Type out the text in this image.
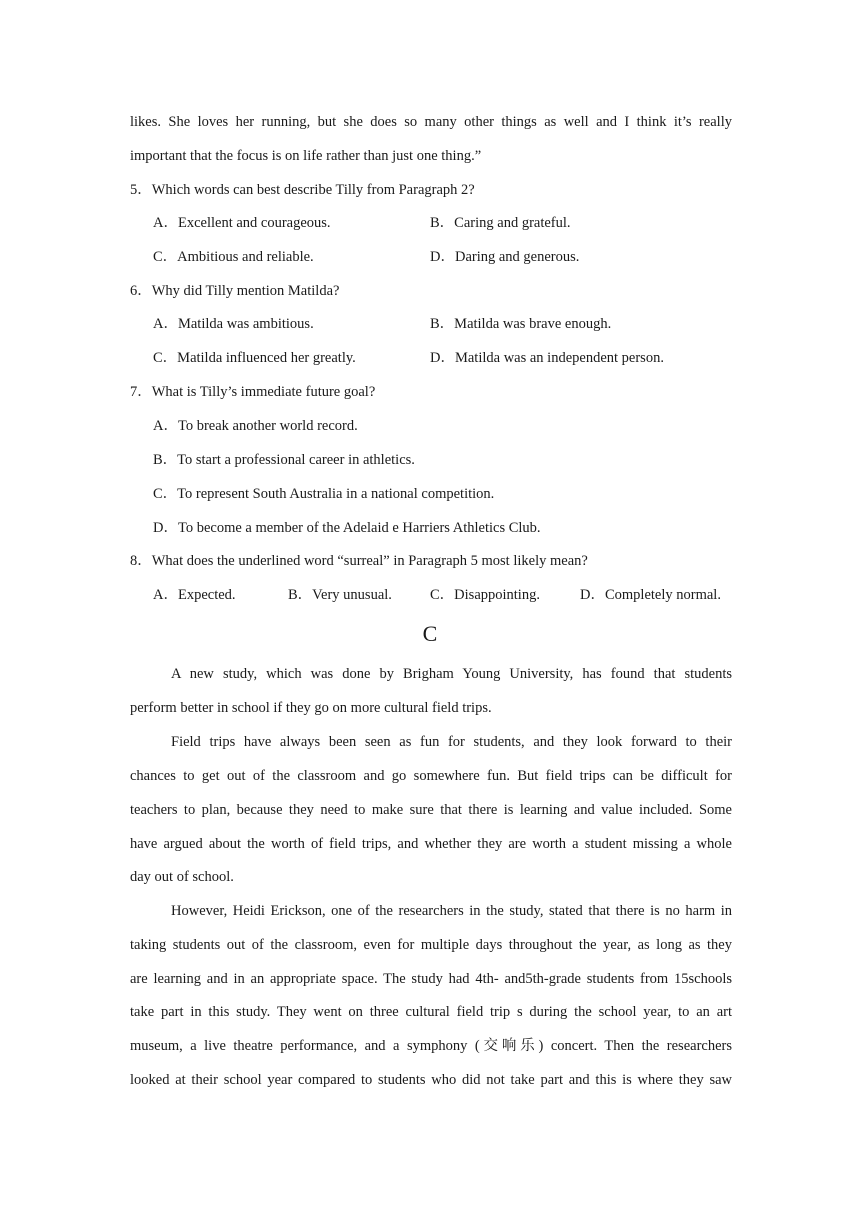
likes. She loves her running, but she does so many other things as well and I think it’s really
important that the focus is on life rather than just one thing.”
5．Which words can best describe Tilly from Paragraph 2?
A．Excellent and courageous.	B．Caring and grateful.
C．Ambitious and reliable.	D．Daring and generous.
6．Why did Tilly mention Matilda?
A．Matilda was ambitious.	B．Matilda was brave enough.
C．Matilda influenced her greatly.	D．Matilda was an independent person.
7．What is Tilly’s immediate future goal?
A．To break another world record.
B．To start a professional career in athletics.
C．To represent South Australia in a national competition.
D．To become a member of the Adelaid e Harriers Athletics Club.
8．What does the underlined word “surreal” in Paragraph 5 most likely mean?
A．Expected.	B．Very unusual.	C．Disappointing.	D．Completely normal.
C
A new study, which was done by Brigham Young University, has found that students
perform better in school if they go on more cultural field trips.
Field trips have always been seen as fun for students, and they look forward to their
chances to get out of the classroom and go somewhere fun. But field trips can be difficult for
teachers to plan, because they need to make sure that there is learning and value included. Some
have argued about the worth of field trips, and whether they are worth a student missing a whole
day out of school.
However, Heidi Erickson, one of the researchers in the study, stated that there is no harm in
taking students out of the classroom, even for multiple days throughout the year, as long as they
are learning and in an appropriate space. The study had 4th- and5th-grade students from 15schools
take part in this study. They went on three cultural field trip s during the school year, to an art
museum, a live theatre performance, and a symphony (交响乐) concert. Then the researchers
looked at their school year compared to students who did not take part and this is where they saw
